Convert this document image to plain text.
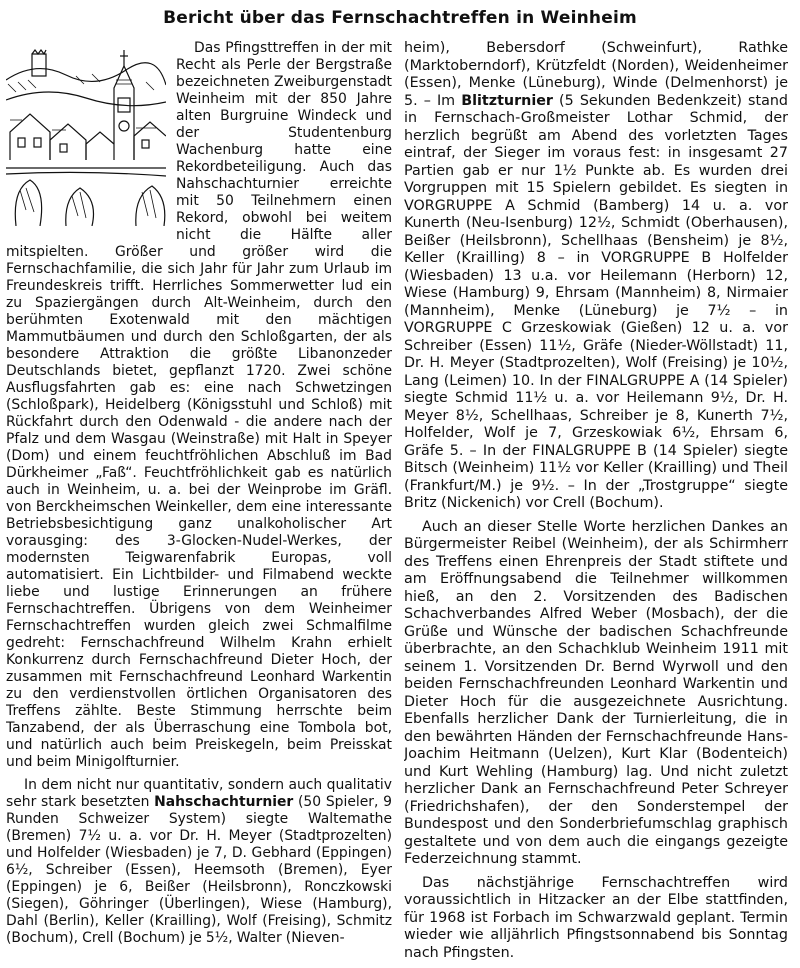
Bericht über das Fernschachtreffen in Weinheim

Das Pfingsttreffen in der mit Recht als Perle der Bergstraße bezeichneten Zweiburgenstadt Weinheim mit der 850 Jahre alten Burgruine Windeck und der Studentenburg Wachenburg hatte eine Rekordbeteiligung. Auch das Nahschachturnier erreichte mit 50 Teilnehmern einen Rekord, obwohl bei weitem nicht die Hälfte aller mitspielten. Größer und größer wird die Fernschachfamilie, die sich Jahr für Jahr zum Urlaub im Freundeskreis trifft. Herrliches Sommerwetter lud ein zu Spaziergängen durch Alt-Weinheim, durch den berühmten Exotenwald mit den mächtigen Mammutbäumen und durch den Schloßgarten, der als besondere Attraktion die größte Libanonzeder Deutschlands bietet, gepflanzt 1720. Zwei schöne Ausflugsfahrten gab es: eine nach Schwetzingen (Schloßpark), Heidelberg (Königsstuhl und Schloß) mit Rückfahrt durch den Odenwald - die andere nach der Pfalz und dem Wasgau (Weinstraße) mit Halt in Speyer (Dom) und einem feuchtfröhlichen Abschluß im Bad Dürkheimer „Faß“. Feuchtfröhlichkeit gab es natürlich auch in Weinheim, u. a. bei der Weinprobe im Gräfl. von Berckheimschen Weinkeller, dem eine interessante Betriebsbesichtigung ganz unalkoholischer Art vorausging: des 3-Glocken-Nudel-Werkes, der modernsten Teigwarenfabrik Europas, voll automatisiert. Ein Lichtbilder- und Filmabend weckte liebe und lustige Erinnerungen an frühere Fernschachtreffen. Übrigens von dem Weinheimer Fernschachtreffen wurden gleich zwei Schmalfilme gedreht: Fernschachfreund Wilhelm Krahn erhielt Konkurrenz durch Fernschachfreund Dieter Hoch, der zusammen mit Fernschachfreund Leonhard Warkentin zu den verdienstvollen örtlichen Organisatoren des Treffens zählte. Beste Stimmung herrschte beim Tanzabend, der als Überraschung eine Tombola bot, und natürlich auch beim Preiskegeln, beim Preisskat und beim Minigolfturnier.

In dem nicht nur quantitativ, sondern auch qualitativ sehr stark besetzten Nahschachturnier (50 Spieler, 9 Runden Schweizer System) siegte Waltemathe (Bremen) 7½ u. a. vor Dr. H. Meyer (Stadtprozelten) und Holfelder (Wiesbaden) je 7, D. Gebhard (Eppingen) 6½, Schreiber (Essen), Heemsoth (Bremen), Eyer (Eppingen) je 6, Beißer (Heilsbronn), Ronczkowski (Siegen), Göhringer (Überlingen), Wiese (Hamburg), Dahl (Berlin), Keller (Krailling), Wolf (Freising), Schmitz (Bochum), Crell (Bochum) je 5½, Walter (Nieven-

heim), Bebersdorf (Schweinfurt), Rathke (Marktoberndorf), Krützfeldt (Norden), Weidenheimer (Essen), Menke (Lüneburg), Winde (Delmenhorst) je 5. – Im Blitzturnier (5 Sekunden Bedenkzeit) stand in Fernschach-Großmeister Lothar Schmid, der herzlich begrüßt am Abend des vorletzten Tages eintraf, der Sieger im voraus fest: in insgesamt 27 Partien gab er nur 1½ Punkte ab. Es wurden drei Vorgruppen mit 15 Spielern gebildet. Es siegten in VORGRUPPE A Schmid (Bamberg) 14 u. a. vor Kunerth (Neu-Isenburg) 12½, Schmidt (Oberhausen), Beißer (Heilsbronn), Schellhaas (Bensheim) je 8½, Keller (Krailling) 8 – in VORGRUPPE B Holfelder (Wiesbaden) 13 u.a. vor Heilemann (Herborn) 12, Wiese (Hamburg) 9, Ehrsam (Mannheim) 8, Nirmaier (Mannheim), Menke (Lüneburg) je 7½ – in VORGRUPPE C Grzeskowiak (Gießen) 12 u. a. vor Schreiber (Essen) 11½, Gräfe (Nieder-Wöllstadt) 11, Dr. H. Meyer (Stadtprozelten), Wolf (Freising) je 10½, Lang (Leimen) 10. In der FINALGRUPPE A (14 Spieler) siegte Schmid 11½ u. a. vor Heilemann 9½, Dr. H. Meyer 8½, Schellhaas, Schreiber je 8, Kunerth 7½, Holfelder, Wolf je 7, Grzeskowiak 6½, Ehrsam 6, Gräfe 5. – In der FINALGRUPPE B (14 Spieler) siegte Bitsch (Weinheim) 11½ vor Keller (Krailling) und Theil (Frankfurt/M.) je 9½. – In der „Trostgruppe“ siegte Britz (Nickenich) vor Crell (Bochum).

Auch an dieser Stelle Worte herzlichen Dankes an Bürgermeister Reibel (Weinheim), der als Schirmherr des Treffens einen Ehrenpreis der Stadt stiftete und am Eröffnungsabend die Teilnehmer willkommen hieß, an den 2. Vorsitzenden des Badischen Schachverbandes Alfred Weber (Mosbach), der die Grüße und Wünsche der badischen Schachfreunde überbrachte, an den Schachklub Weinheim 1911 mit seinem 1. Vorsitzenden Dr. Bernd Wyrwoll und den beiden Fernschachfreunden Leonhard Warkentin und Dieter Hoch für die ausgezeichnete Ausrichtung. Ebenfalls herzlicher Dank der Turnierleitung, die in den bewährten Händen der Fernschachfreunde Hans-Joachim Heitmann (Uelzen), Kurt Klar (Bodenteich) und Kurt Wehling (Hamburg) lag. Und nicht zuletzt herzlicher Dank an Fernschachfreund Peter Schreyer (Friedrichshafen), der den Sonderstempel der Bundespost und den Sonderbriefumschlag graphisch gestaltete und von dem auch die eingangs gezeigte Federzeichnung stammt.

Das nächstjährige Fernschachtreffen wird voraussichtlich in Hitzacker an der Elbe stattfinden, für 1968 ist Forbach im Schwarzwald geplant. Termin wieder wie alljährlich Pfingstsonnabend bis Sonntag nach Pfingsten.
